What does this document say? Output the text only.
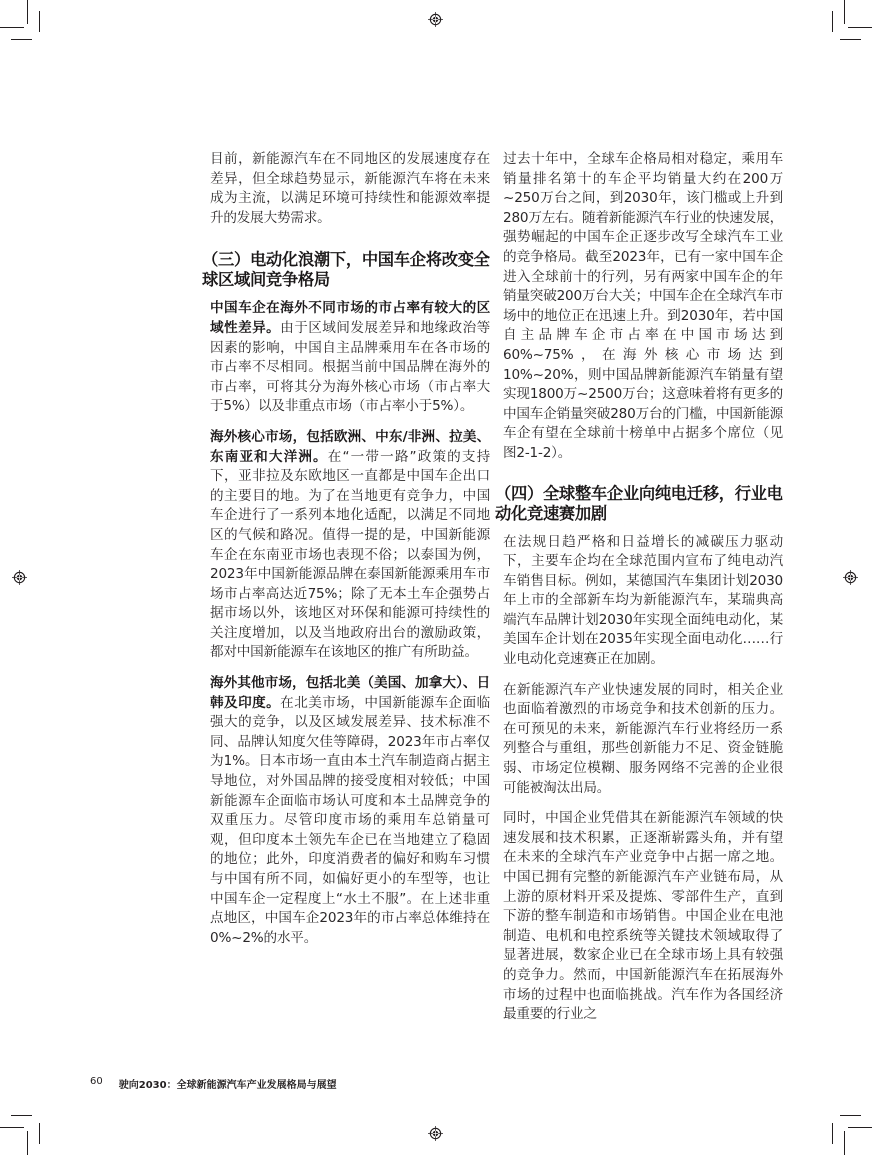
目前，新能源汽车在不同地区的发展速度存在差异，但全球趋势显示，新能源汽车将在未来成为主流，以满足环境可持续性和能源效率提升的发展大势需求。

（三）电动化浪潮下，中国车企将改变全球区域间竞争格局

中国车企在海外不同市场的市占率有较大的区域性差异。由于区域间发展差异和地缘政治等因素的影响，中国自主品牌乘用车在各市场的市占率不尽相同。根据当前中国品牌在海外的市占率，可将其分为海外核心市场（市占率大于5%）以及非重点市场（市占率小于5%）。

海外核心市场，包括欧洲、中东/非洲、拉美、东南亚和大洋洲。在“一带一路”政策的支持下，亚非拉及东欧地区一直都是中国车企出口的主要目的地。为了在当地更有竞争力，中国车企进行了一系列本地化适配，以满足不同地区的气候和路况。值得一提的是，中国新能源车企在东南亚市场也表现不俗；以泰国为例，2023年中国新能源品牌在泰国新能源乘用车市场市占率高达近75%；除了无本土车企强势占据市场以外，该地区对环保和能源可持续性的关注度增加，以及当地政府出台的激励政策，都对中国新能源车在该地区的推广有所助益。

海外其他市场，包括北美（美国、加拿大）、日韩及印度。在北美市场，中国新能源车企面临强大的竞争，以及区域发展差异、技术标准不同、品牌认知度欠佳等障碍，2023年市占率仅为1%。日本市场一直由本土汽车制造商占据主导地位，对外国品牌的接受度相对较低；中国新能源车企面临市场认可度和本土品牌竞争的双重压力。尽管印度市场的乘用车总销量可观，但印度本土领先车企已在当地建立了稳固的地位；此外，印度消费者的偏好和购车习惯与中国有所不同，如偏好更小的车型等，也让中国车企一定程度上“水土不服”。在上述非重点地区，中国车企2023年的市占率总体维持在0%~2%的水平。

过去十年中，全球车企格局相对稳定，乘用车销量排名第十的车企平均销量大约在200万~250万台之间，到2030年，该门槛或上升到280万左右。随着新能源汽车行业的快速发展，强势崛起的中国车企正逐步改写全球汽车工业的竞争格局。截至2023年，已有一家中国车企进入全球前十的行列，另有两家中国车企的年销量突破200万台大关；中国车企在全球汽车市场中的地位正在迅速上升。到2030年，若中国自主品牌车企市占率在中国市场达到60%~75%，在海外核心市场达到10%~20%，则中国品牌新能源汽车销量有望实现1800万~2500万台；这意味着将有更多的中国车企销量突破280万台的门槛，中国新能源车企有望在全球前十榜单中占据多个席位（见图2-1-2）。

（四）全球整车企业向纯电迁移，行业电动化竞速赛加剧

在法规日趋严格和日益增长的减碳压力驱动下，主要车企均在全球范围内宣布了纯电动汽车销售目标。例如，某德国汽车集团计划2030年上市的全部新车均为新能源汽车，某瑞典高端汽车品牌计划2030年实现全面纯电动化，某美国车企计划在2035年实现全面电动化……行业电动化竞速赛正在加剧。

在新能源汽车产业快速发展的同时，相关企业也面临着激烈的市场竞争和技术创新的压力。在可预见的未来，新能源汽车行业将经历一系列整合与重组，那些创新能力不足、资金链脆弱、市场定位模糊、服务网络不完善的企业很可能被淘汰出局。

同时，中国企业凭借其在新能源汽车领域的快速发展和技术积累，正逐渐崭露头角，并有望在未来的全球汽车产业竞争中占据一席之地。中国已拥有完整的新能源汽车产业链布局，从上游的原材料开采及提炼、零部件生产，直到下游的整车制造和市场销售。中国企业在电池制造、电机和电控系统等关键技术领域取得了显著进展，数家企业已在全球市场上具有较强的竞争力。然而，中国新能源汽车在拓展海外市场的过程中也面临挑战。汽车作为各国经济最重要的行业之

60 驶向2030：全球新能源汽车产业发展格局与展望
